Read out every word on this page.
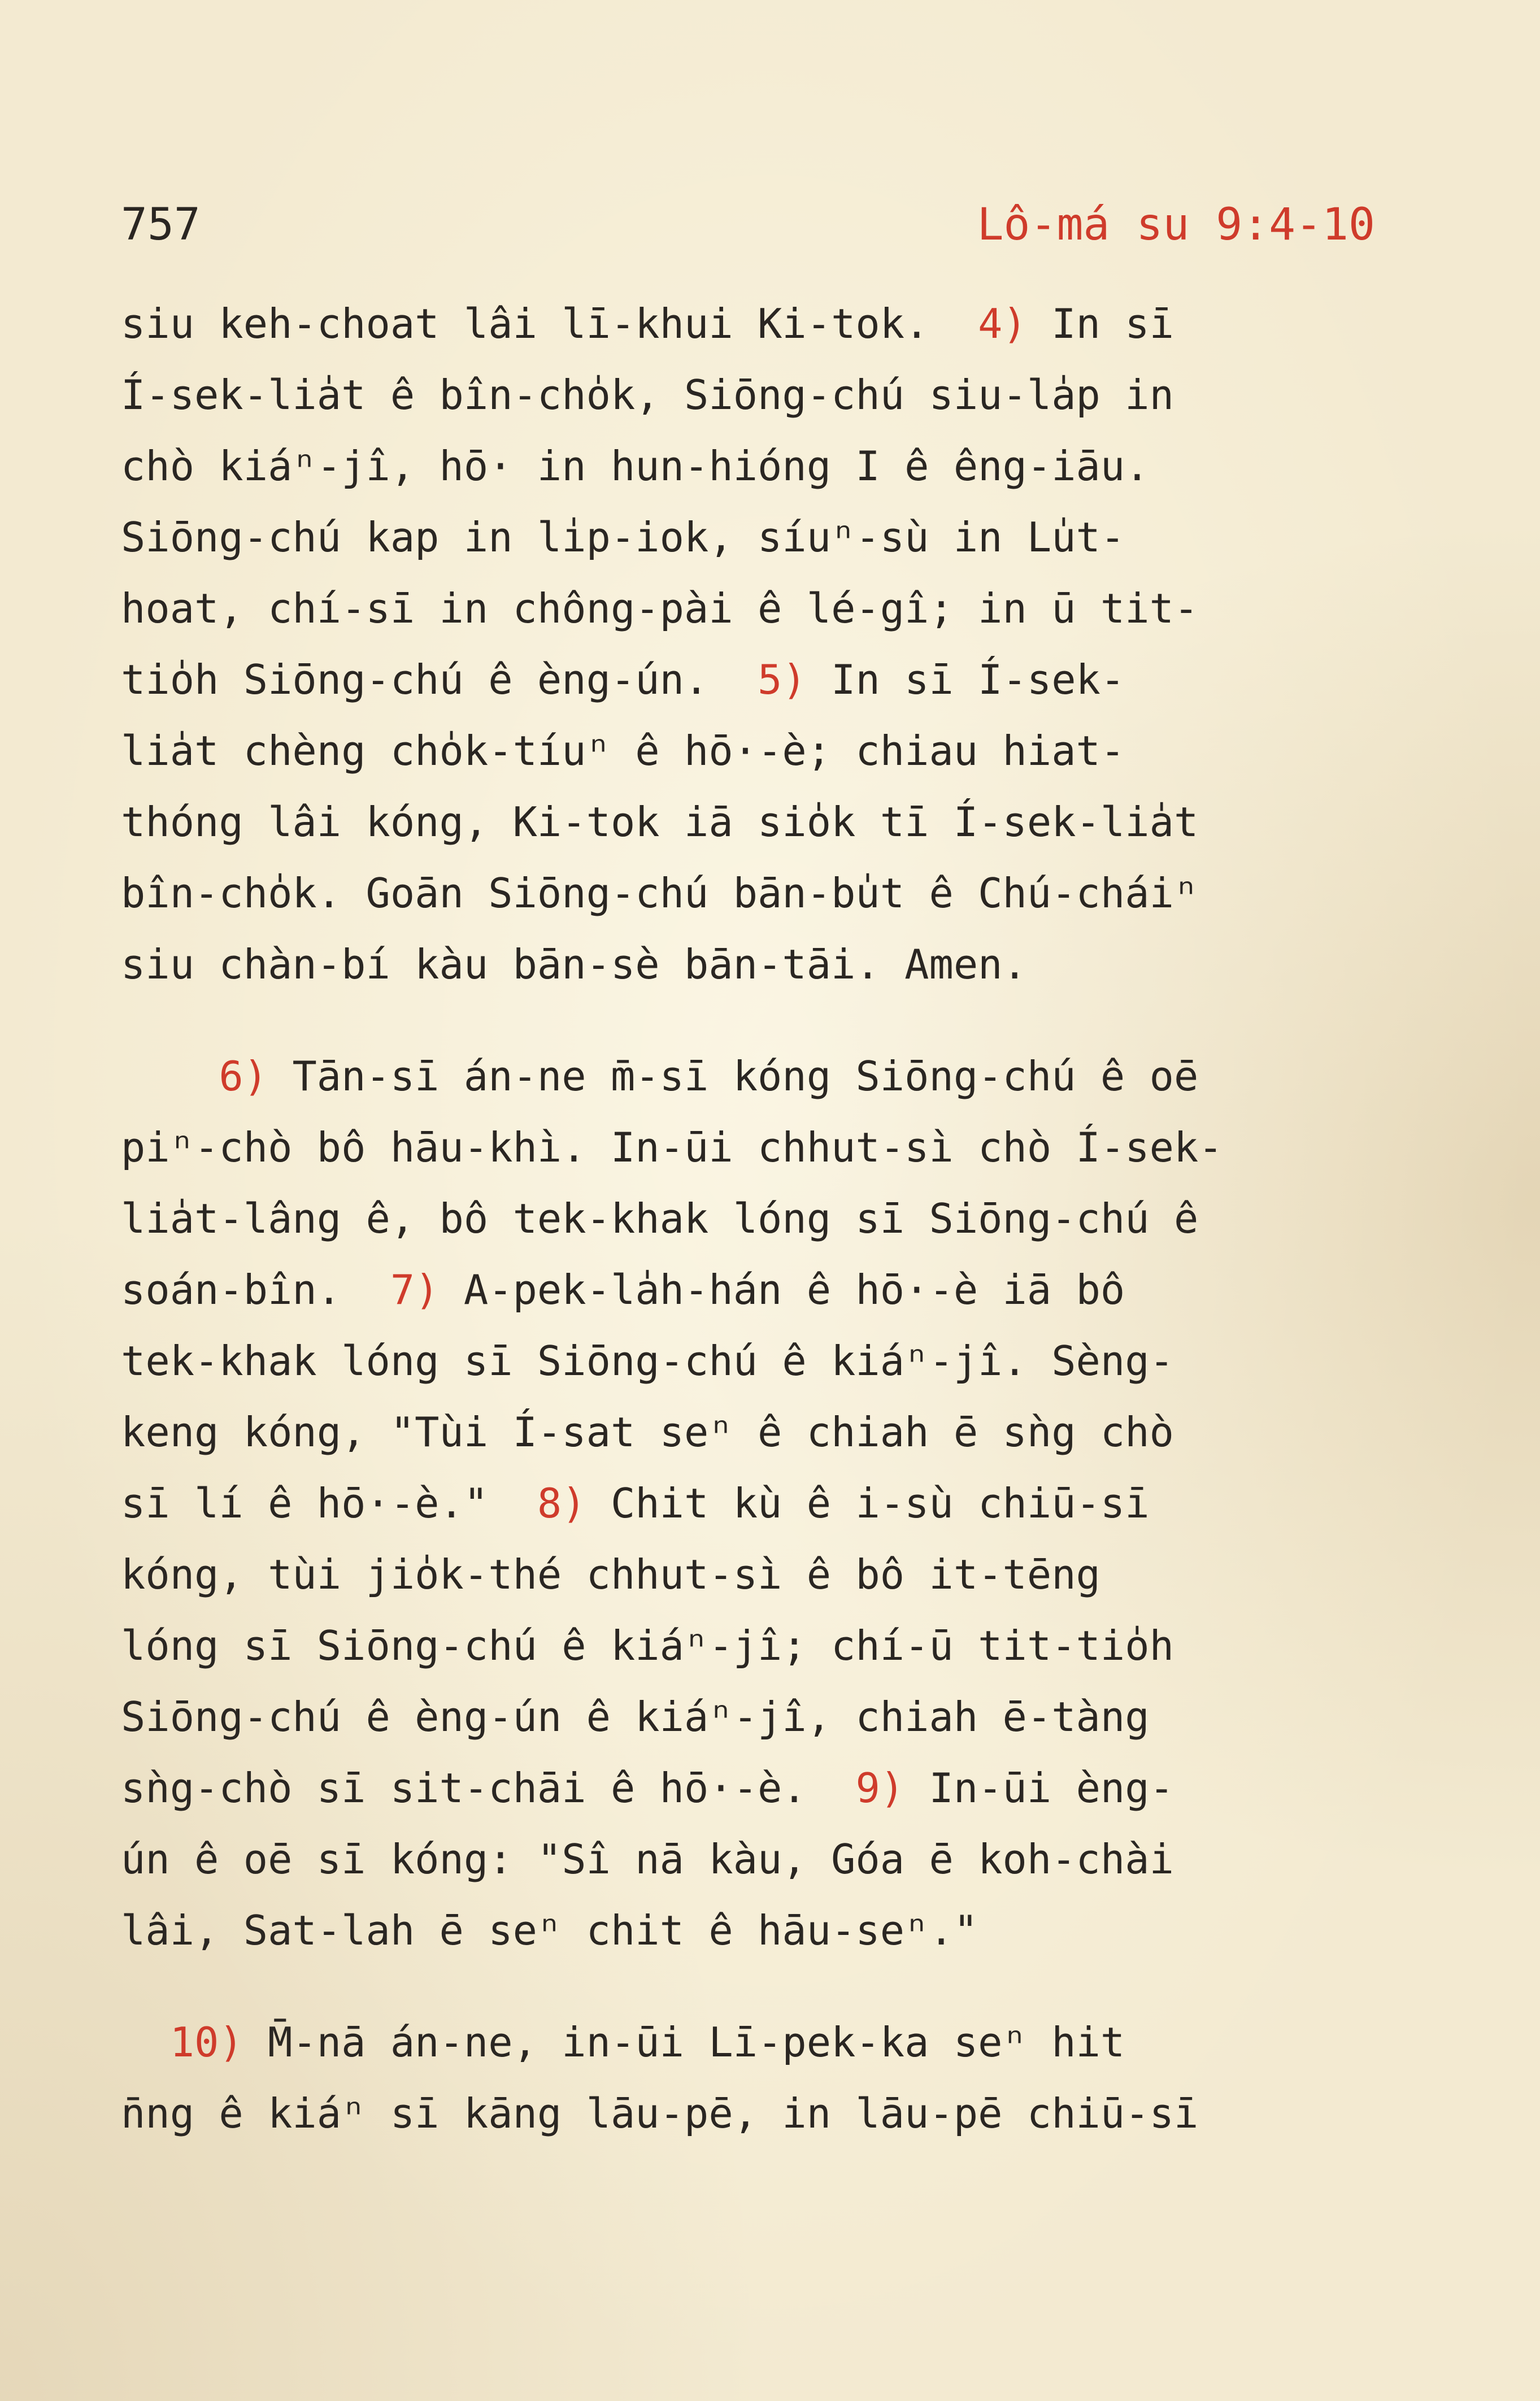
757	Lô-má su 9:4-10
siu keh-choat lâi lī-khui Ki-tok.  4) In sī
Í-sek-lia̍t ê bîn-cho̍k, Siōng-chú siu-la̍p in
chò kiáⁿ-jî, hō· in hun-hióng I ê êng-iāu.
Siōng-chú kap in li̍p-iok, síuⁿ-sù in Lu̍t-
hoat, chí-sī in chông-pài ê lé-gî; in ū tit-
tio̍h Siōng-chú ê èng-ún.  5) In sī Í-sek-
lia̍t chèng cho̍k-tíuⁿ ê hō·-è; chiau hiat-
thóng lâi kóng, Ki-tok iā sio̍k tī Í-sek-lia̍t
bîn-cho̍k. Goān Siōng-chú bān-bu̍t ê Chú-cháiⁿ
siu chàn-bí kàu bān-sè bān-tāi. Amen.
6) Tān-sī án-ne m̄-sī kóng Siōng-chú ê oē
piⁿ-chò bô hāu-khì. In-ūi chhut-sì chò Í-sek-
lia̍t-lâng ê, bô tek-khak lóng sī Siōng-chú ê
soán-bîn.  7) A-pek-la̍h-hán ê hō·-è iā bô
tek-khak lóng sī Siōng-chú ê kiáⁿ-jî. Sèng-
keng kóng, "Tùi Í-sat seⁿ ê chiah ē sǹg chò
sī lí ê hō·-è."  8) Chit kù ê i-sù chiū-sī
kóng, tùi jio̍k-thé chhut-sì ê bô it-tēng
lóng sī Siōng-chú ê kiáⁿ-jî; chí-ū tit-tio̍h
Siōng-chú ê èng-ún ê kiáⁿ-jî, chiah ē-tàng
sǹg-chò sī sit-chāi ê hō·-è.  9) In-ūi èng-
ún ê oē sī kóng: "Sî nā kàu, Góa ē koh-chài
lâi, Sat-lah ē seⁿ chit ê hāu-seⁿ."
10) M̄-nā án-ne, in-ūi Lī-pek-ka seⁿ hit
n̄ng ê kiáⁿ sī kāng lāu-pē, in lāu-pē chiū-sī
